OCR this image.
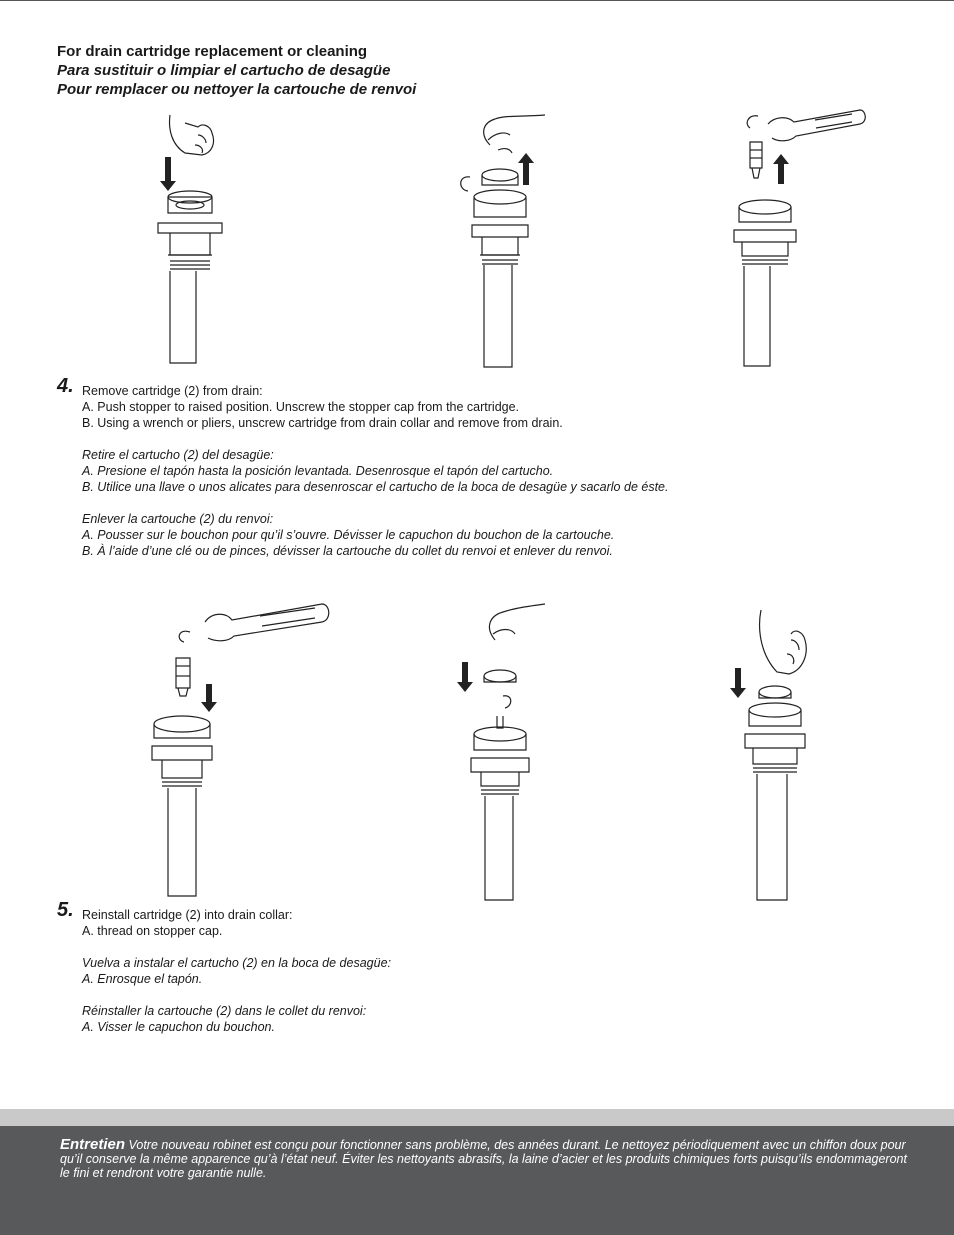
For drain cartridge replacement or cleaning
Para sustituir o limpiar el cartucho de desagüe
Pour remplacer ou nettoyer la cartouche de renvoi
4. Remove cartridge (2) from drain:
A. Push stopper to raised position. Unscrew the stopper cap from the cartridge.
B. Using a wrench or pliers, unscrew cartridge from drain collar and remove from drain.
Retire el cartucho (2) del desagüe:
A. Presione el tapón hasta la posición levantada. Desenrosque el tapón del cartucho.
B. Utilice una llave o unos alicates para desenroscar el cartucho de la boca de desagüe y sacarlo de éste.
Enlever la cartouche (2) du renvoi:
A. Pousser sur le bouchon pour qu’il s’ouvre. Dévisser le capuchon du bouchon de la cartouche.
B. À l’aide d’une clé ou de pinces, dévisser la cartouche du collet du renvoi et enlever du renvoi.
5. Reinstall cartridge (2) into drain collar:
A. thread on stopper cap.
Vuelva a instalar el cartucho (2) en la boca de desagüe:
A. Enrosque el tapón.
Réinstaller la cartouche (2) dans le collet du renvoi:
A. Visser le capuchon du bouchon.
Entretien Votre nouveau robinet est conçu pour fonctionner sans problème, des années durant. Le nettoyez périodiquement avec un chiffon doux pour qu’il conserve la même apparence qu’à l’état neuf. Éviter les nettoyants abrasifs, la laine d’acier et les produits chimiques forts puisqu’ils endommageront le fini et rendront votre garantie nulle.
